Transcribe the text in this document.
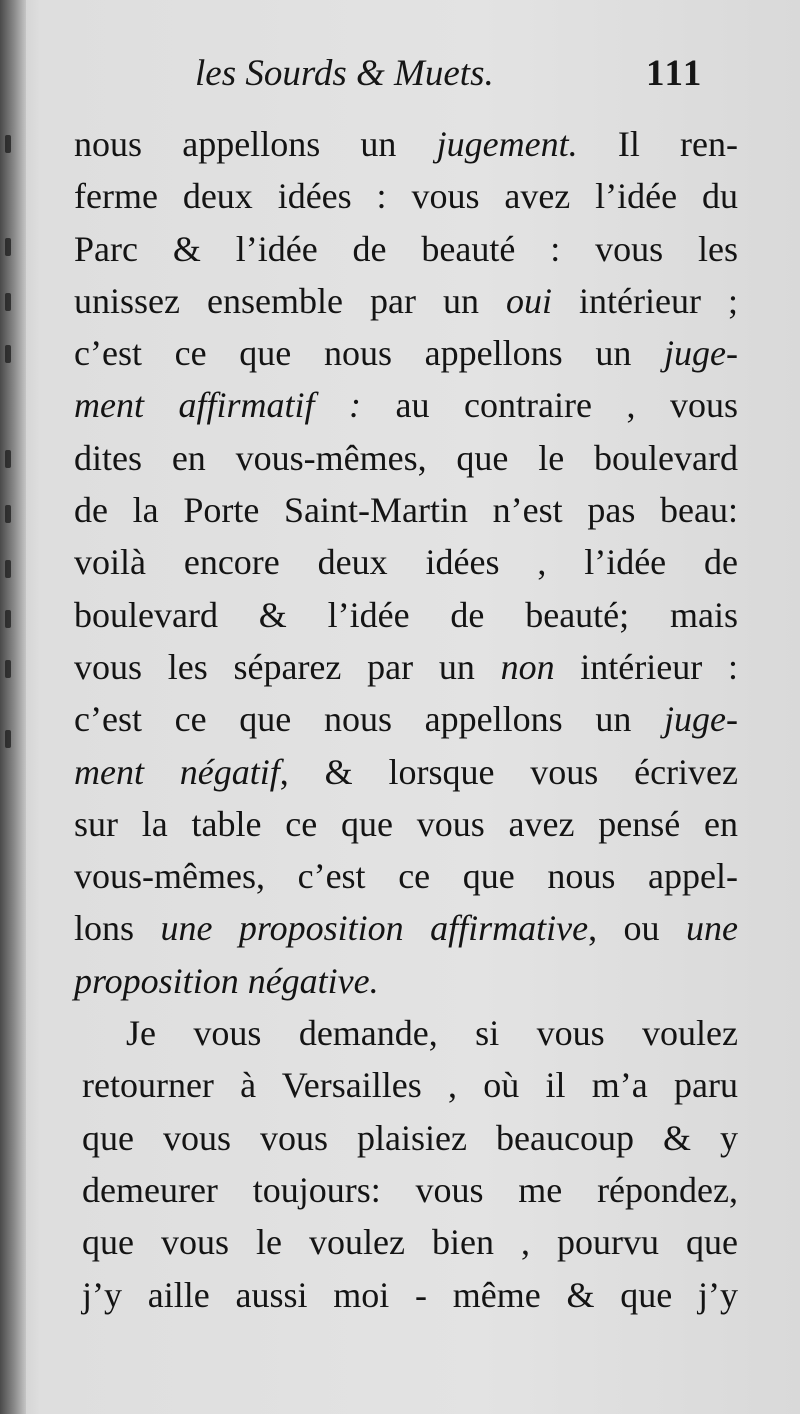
les Sourds & Muets.	111
nous appellons un jugement. Il ren-
ferme deux idées : vous avez l’idée du
Parc & l’idée de beauté : vous les
unissez ensemble par un oui intérieur ;
c’est ce que nous appellons un juge-
ment affirmatif : au contraire , vous
dites en vous-mêmes, que le boulevard
de la Porte Saint-Martin n’est pas beau:
voilà encore deux idées , l’idée de
boulevard & l’idée de beauté; mais
vous les séparez par un non intérieur :
c’est ce que nous appellons un juge-
ment négatif, & lorsque vous écrivez
sur la table ce que vous avez pensé en
vous-mêmes, c’est ce que nous appel-
lons une proposition affirmative, ou une
proposition négative.
Je vous demande, si vous voulez
retourner à Versailles , où il m’a paru
que vous vous plaisiez beaucoup & y
demeurer toujours: vous me répondez,
que vous le voulez bien , pourvu que
j’y aille aussi moi - même & que j’y
